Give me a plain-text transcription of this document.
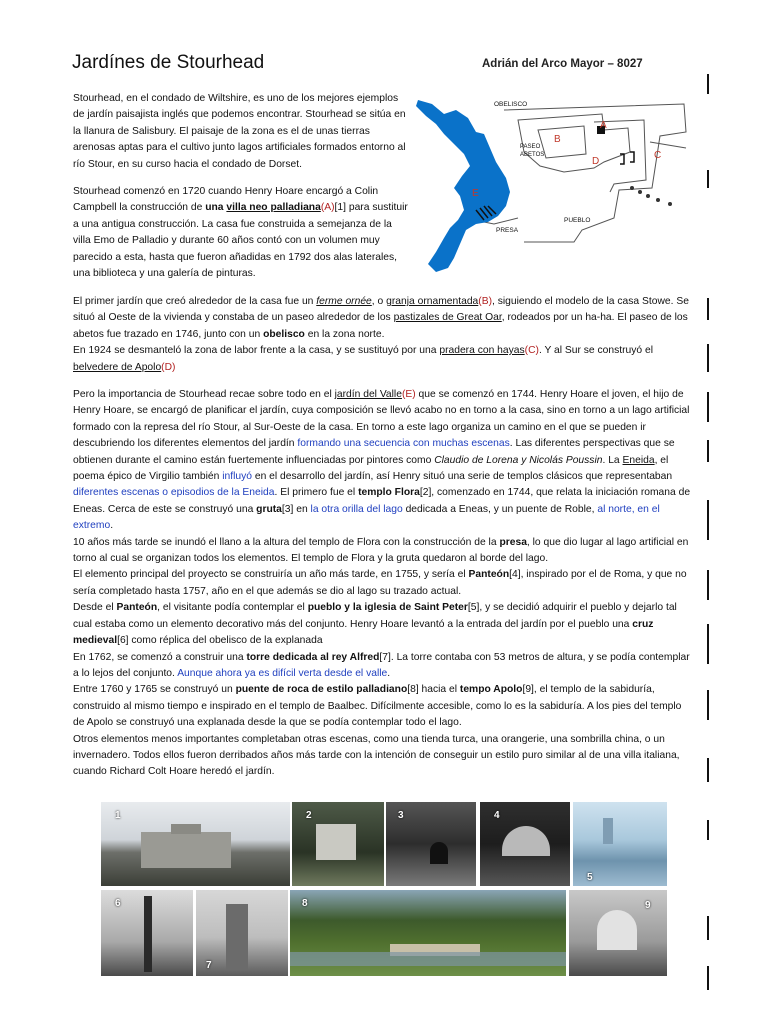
Jardínes de Stourhead	Adrián del Arco Mayor – 8027

Stourhead, en el condado de Wiltshire, es uno de los mejores ejemplos de jardín paisajista inglés que podemos encontrar. Stourhead se sitúa en la llanura de Salisbury. El paisaje de la zona es el de unas tierras arenosas aptas para el cultivo junto lagos artificiales formados entorno al río Stour, en su curso hacia el condado de Dorset.

Stourhead comenzó en 1720 cuando Henry Hoare encargó a Colin Campbell la construcción de una villa neo palladiana(A)[1] para sustituir a una antigua construcción. La casa fue construida a semejanza de la villa Emo de Palladio y durante 60 años contó con un volumen muy parecido a esta, hasta que fueron añadidas en 1792 dos alas laterales, una biblioteca y una galería de pinturas.

OBELISCO
PASEO
ABETOS
PRESA
PUEBLO
A
B
C
D
E

El primer jardín que creó alrededor de la casa fue un ferme ornée, o granja ornamentada(B), siguiendo el modelo de la casa Stowe. Se situó al Oeste de la vivienda y constaba de un paseo alrededor de los pastizales de Great Oar, rodeados por un ha-ha. El paseo de los abetos fue trazado en 1746, junto con un obelisco en la zona norte.
En 1924 se desmanteló la zona de labor frente a la casa, y se sustituyó por una pradera con hayas(C). Y al Sur se construyó el
belvedere de Apolo(D)

Pero la importancia de Stourhead recae sobre todo en el jardín del Valle(E) que se comenzó en 1744. Henry Hoare el joven, el hijo de Henry Hoare, se encargó de planificar el jardín, cuya composición se llevó acabo no en torno a la casa, sino en torno a un lago artificial formado con la represa del río Stour, al Sur-Oeste de la casa. En torno a este lago organiza un camino en el que se pueden ir descubriendo los diferentes elementos del jardín formando una secuencia con muchas escenas. Las diferentes perspectivas que se obtienen durante el camino están fuertemente influenciadas por pintores como Claudio de Lorena y Nicolás Poussin. La Eneida, el poema épico de Virgilio también influyó en el desarrollo del jardín, así Henry situó una serie de templos clásicos que representaban diferentes escenas o episodios de la Eneida. El primero fue el templo Flora[2], comenzado en 1744, que relata la iniciación romana de Eneas. Cerca de este se construyó una gruta[3] en la otra orilla del lago dedicada a Eneas, y un puente de Roble, al norte, en el extremo.
10 años más tarde se inundó el llano a la altura del templo de Flora con la construcción de la presa, lo que dio lugar al lago artificial en torno al cual se organizan todos los elementos. El templo de Flora y la gruta quedaron al borde del lago.
El elemento principal del proyecto se construiría un año más tarde, en 1755, y sería el Panteón[4], inspirado por el de Roma, y que no sería completado hasta 1757, año en el que además se dio al lago su trazado actual.
Desde el Panteón, el visitante podía contemplar el pueblo y la iglesia de Saint Peter[5], y se decidió adquirir el pueblo y dejarlo tal cual estaba como un elemento decorativo más del conjunto. Henry Hoare levantó a la entrada del jardín por el pueblo una cruz medieval[6] como réplica del obelisco de la explanada
En 1762, se comenzó a construir una torre dedicada al rey Alfred[7]. La torre contaba con 53 metros de altura, y se podía contemplar a lo lejos del conjunto. Aunque ahora ya es difícil verta desde el valle.
Entre 1760 y 1765 se construyó un puente de roca de estilo palladiano[8] hacia el tempo Apolo[9], el templo de la sabiduría, construido al mismo tiempo e inspirado en el templo de Baalbec. Difícilmente accesible, como lo es la sabiduría. A los pies del templo de Apolo se construyó una explanada desde la que se podía contemplar todo el lago.
Otros elementos menos importantes completaban otras escenas, como una tienda turca, una orangerie, una sombrilla china, o un invernadero. Todos ellos fueron derribados años más tarde con la intención de conseguir un estilo puro similar al de una villa italiana, cuando Richard Colt Hoare heredó el jardín.

1	2	3	4
5
6
7
8	9
